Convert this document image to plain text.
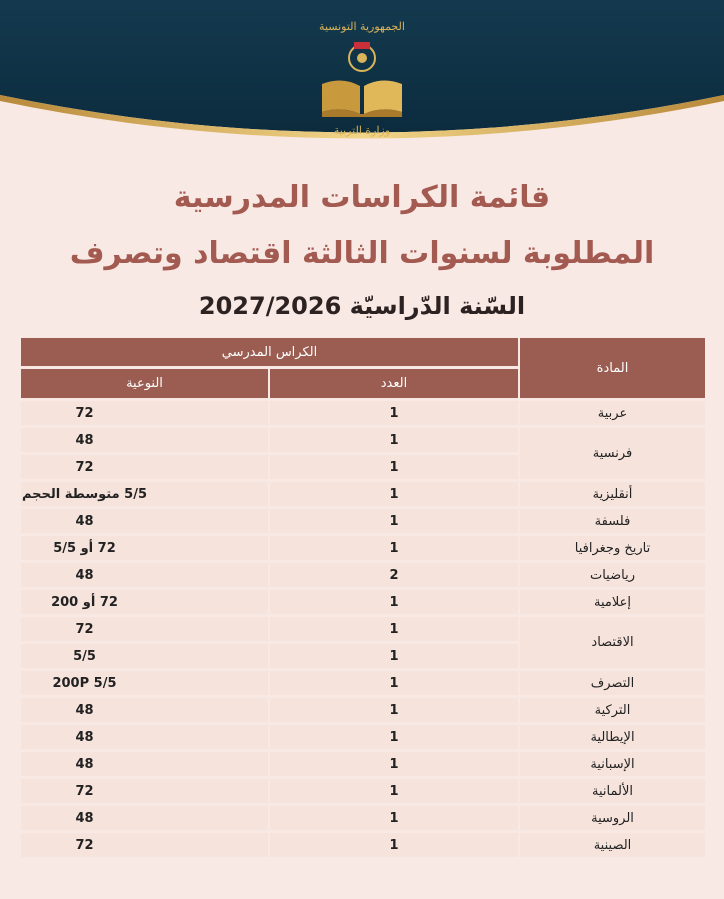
الجمهورية التونسية
وزارة التربية
قائمة الكراسات المدرسية
المطلوبة لسنوات الثالثة اقتصاد وتصرف
السّنة الدّراسيّة 2027/2026
المادة	الكراس المدرسي	
	العدد	النوعية
عربية	1	72
فرنسية	1	48
	1	72
أنقليزية	1	5/5 متوسطة الحجم
فلسفة	1	48
تاريخ وجغرافيا	1	72 أو 5/5
رياضيات	2	48
إعلامية	1	72 أو 200
الاقتصاد	1	72
	1	5/5
التصرف	1	5/5 200P
التركية	1	48
الإيطالية	1	48
الإسبانية	1	48
الألمانية	1	72
الروسية	1	48
الصينية	1	72
